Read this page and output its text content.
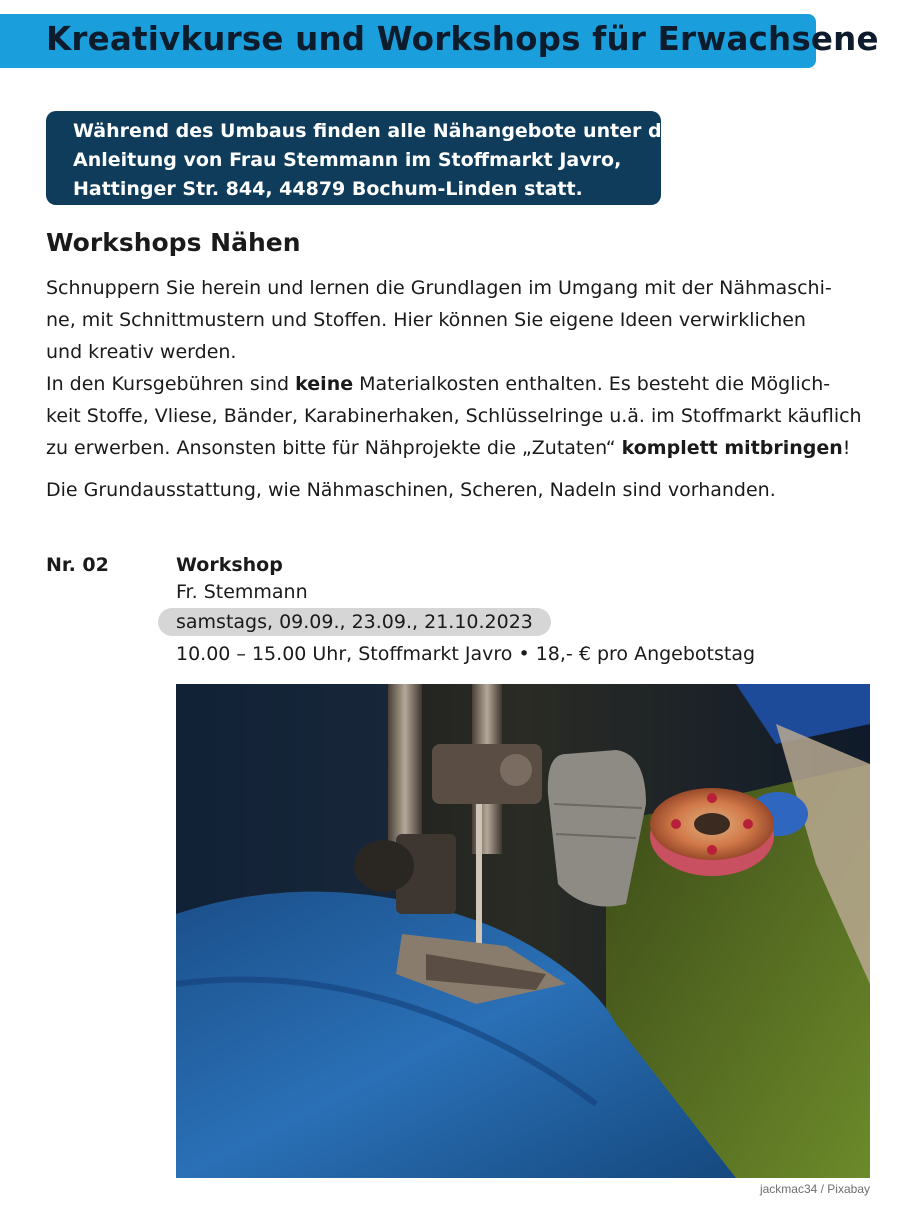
Kreativkurse und Workshops für Erwachsene

Während des Umbaus finden alle Nähangebote unter der
Anleitung von Frau Stemmann im Stoffmarkt Javro,
Hattinger Str. 844, 44879 Bochum-Linden statt.

Workshops Nähen
Schnuppern Sie herein und lernen die Grundlagen im Umgang mit der Nähmaschi-
ne, mit Schnittmustern und Stoffen. Hier können Sie eigene Ideen verwirklichen
und kreativ werden.
In den Kursgebühren sind keine Materialkosten enthalten. Es besteht die Möglich-
keit Stoffe, Vliese, Bänder, Karabinerhaken, Schlüsselringe u.ä. im Stoffmarkt käuflich
zu erwerben. Ansonsten bitte für Nähprojekte die „Zutaten“ komplett mitbringen!
Die Grundausstattung, wie Nähmaschinen, Scheren, Nadeln sind vorhanden.
Nr. 02	Workshop
Fr. Stemmann
samstags, 09.09., 23.09., 21.10.2023
10.00 – 15.00 Uhr, Stoffmarkt Javro • 18,- € pro Angebotstag
jackmac34 / Pixabay
